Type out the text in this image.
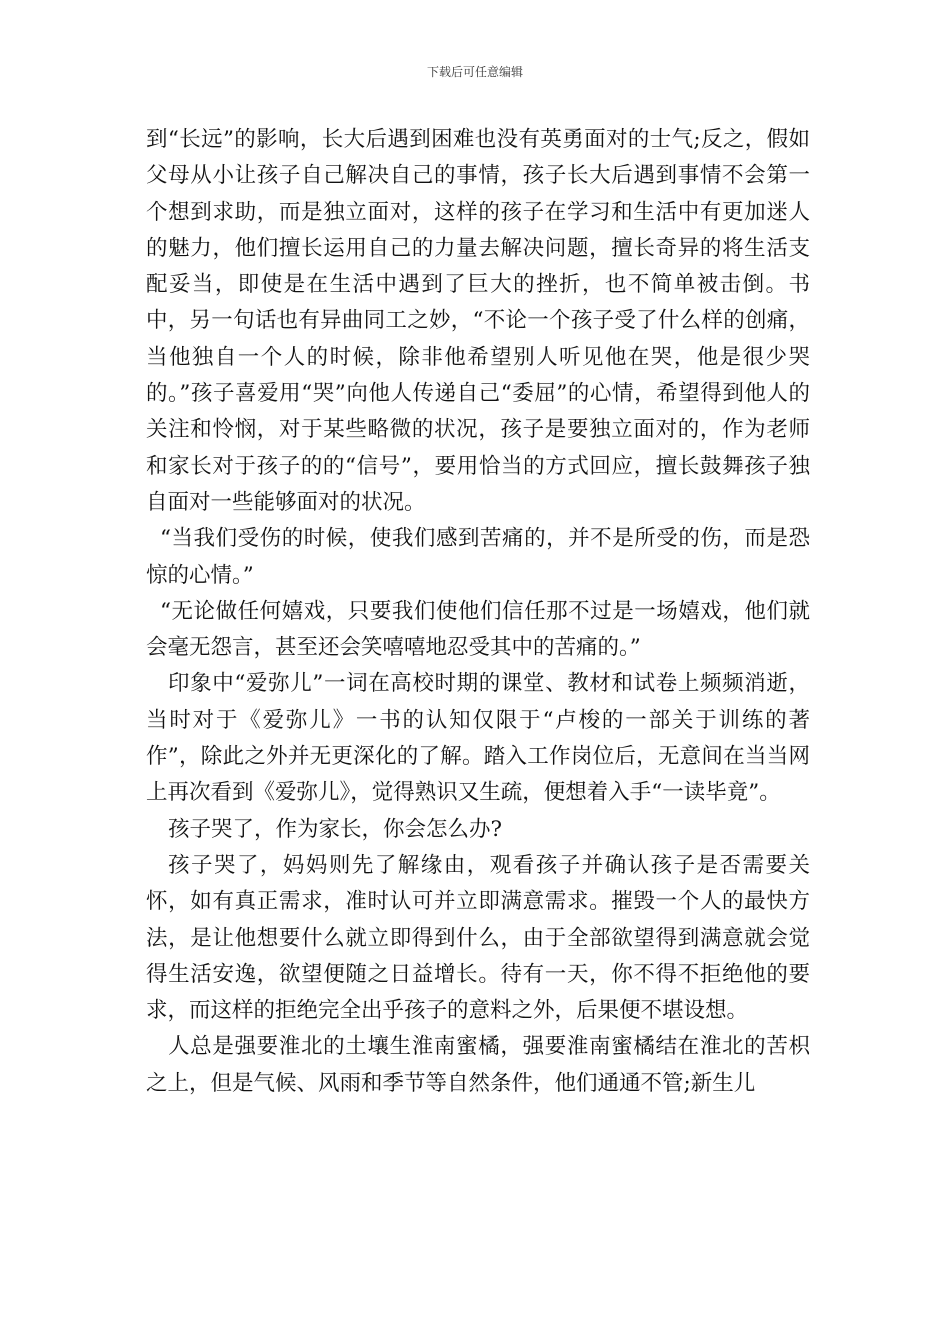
下载后可任意编辑

到“长远”的影响，长大后遇到困难也没有英勇面对的士气;反之，假如父母从小让孩子自己解决自己的事情，孩子长大后遇到事情不会第一个想到求助，而是独立面对，这样的孩子在学习和生活中有更加迷人的魅力，他们擅长运用自己的力量去解决问题，擅长奇异的将生活支配妥当，即使是在生活中遇到了巨大的挫折，也不简单被击倒。书中，另一句话也有异曲同工之妙，“不论一个孩子受了什么样的创痛，当他独自一个人的时候，除非他希望别人听见他在哭，他是很少哭的。”孩子喜爱用“哭”向他人传递自己“委屈”的心情，希望得到他人的关注和怜悯，对于某些略微的状况，孩子是要独立面对的，作为老师和家长对于孩子的的“信号”，要用恰当的方式回应，擅长鼓舞孩子独自面对一些能够面对的状况。

“当我们受伤的时候，使我们感到苦痛的，并不是所受的伤，而是恐惊的心情。”

“无论做任何嬉戏，只要我们使他们信任那不过是一场嬉戏，他们就会毫无怨言，甚至还会笑嘻嘻地忍受其中的苦痛的。”

印象中“爱弥儿”一词在高校时期的课堂、教材和试卷上频频消逝，当时对于《爱弥儿》一书的认知仅限于“卢梭的一部关于训练的著作”，除此之外并无更深化的了解。踏入工作岗位后，无意间在当当网上再次看到《爱弥儿》，觉得熟识又生疏，便想着入手“一读毕竟”。

孩子哭了，作为家长，你会怎么办?

孩子哭了，妈妈则先了解缘由，观看孩子并确认孩子是否需要关怀，如有真正需求，准时认可并立即满意需求。摧毁一个人的最快方法，是让他想要什么就立即得到什么，由于全部欲望得到满意就会觉得生活安逸，欲望便随之日益增长。待有一天，你不得不拒绝他的要求，而这样的拒绝完全出乎孩子的意料之外，后果便不堪设想。

人总是强要淮北的土壤生淮南蜜橘，强要淮南蜜橘结在淮北的苦枳之上，但是气候、风雨和季节等自然条件，他们通通不管;新生儿
